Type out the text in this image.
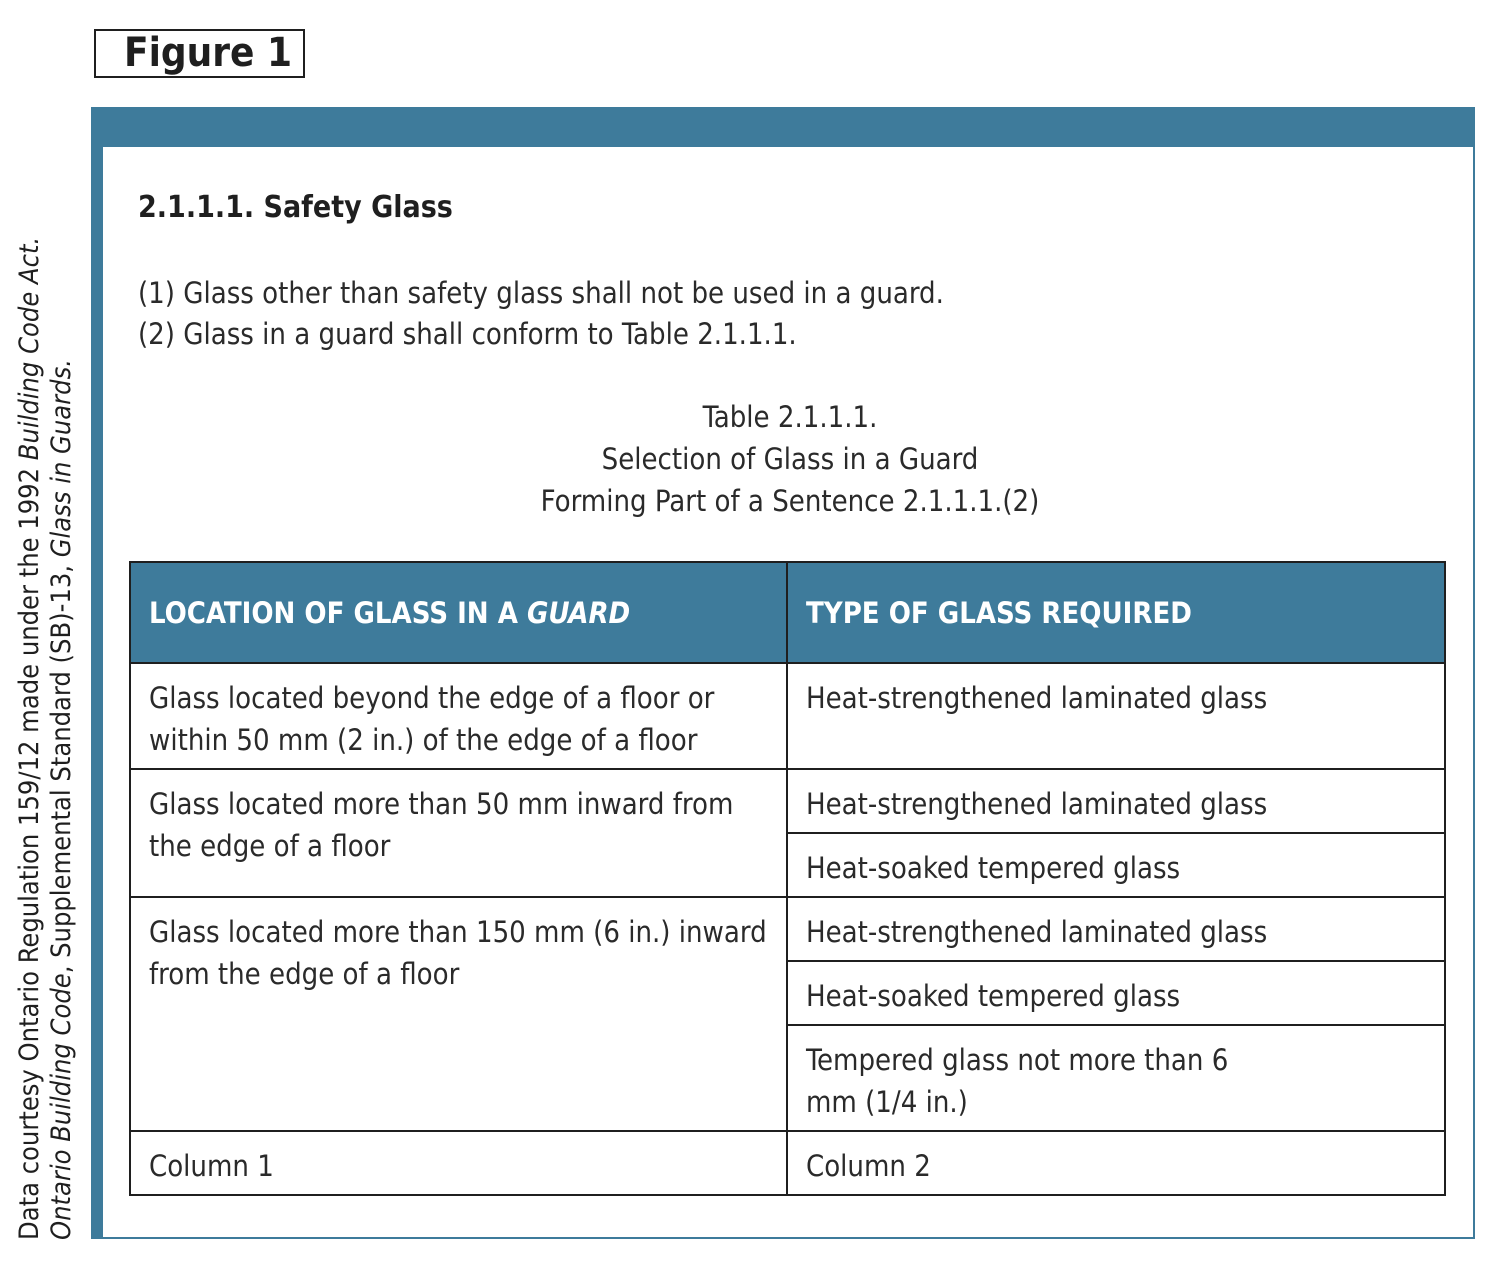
Figure 1
Data courtesy Ontario Regulation 159/12 made under the 1992 Building Code Act.
Ontario Building Code, Supplemental Standard (SB)-13, Glass in Guards.
2.1.1.1. Safety Glass
(1) Glass other than safety glass shall not be used in a guard.
(2) Glass in a guard shall conform to Table 2.1.1.1.
Table 2.1.1.1.
Selection of Glass in a Guard
Forming Part of a Sentence 2.1.1.1.(2)
LOCATION OF GLASS IN A GUARD	TYPE OF GLASS REQUIRED
Glass located beyond the edge of a floor or within 50 mm (2 in.) of the edge of a floor	Heat-strengthened laminated glass
Glass located more than 50 mm inward from the edge of a floor	Heat-strengthened laminated glass
	Heat-soaked tempered glass
Glass located more than 150 mm (6 in.) inward from the edge of a floor	Heat-strengthened laminated glass
	Heat-soaked tempered glass
	Tempered glass not more than 6 mm (1/4 in.)
Column 1	Column 2
